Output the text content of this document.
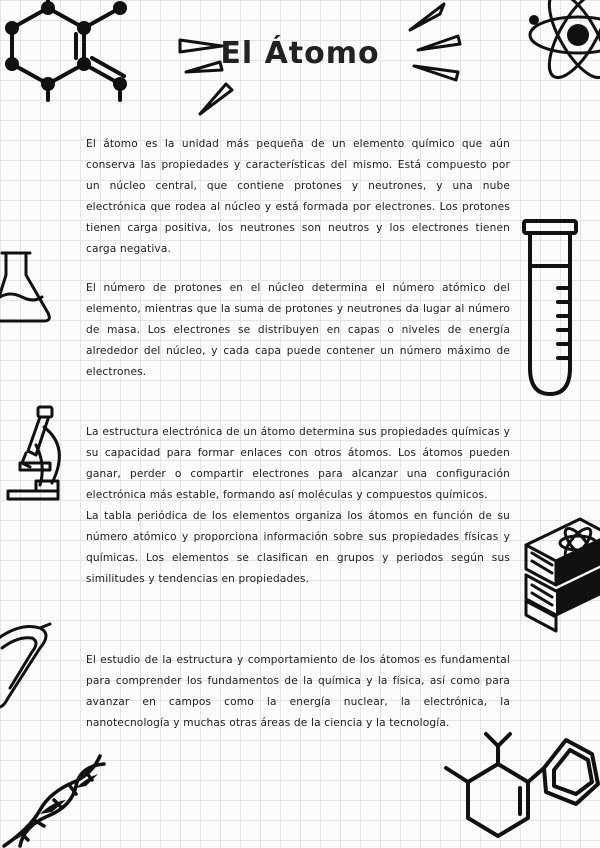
El Átomo

El átomo es la unidad más pequeña de un elemento químico que aún conserva las propiedades y características del mismo. Está compuesto por un núcleo central, que contiene protones y neutrones, y una nube electrónica que rodea al núcleo y está formada por electrones. Los protones tienen carga positiva, los neutrones son neutros y los electrones tienen carga negativa.

El número de protones en el núcleo determina el número atómico del elemento, mientras que la suma de protones y neutrones da lugar al número de masa. Los electrones se distribuyen en capas o niveles de energía alrededor del núcleo, y cada capa puede contener un número máximo de electrones.

La estructura electrónica de un átomo determina sus propiedades químicas y su capacidad para formar enlaces con otros átomos. Los átomos pueden ganar, perder o compartir electrones para alcanzar una configuración electrónica más estable, formando así moléculas y compuestos químicos.

La tabla periódica de los elementos organiza los átomos en función de su número atómico y proporciona información sobre sus propiedades físicas y químicas. Los elementos se clasifican en grupos y periodos según sus similitudes y tendencias en propiedades.

El estudio de la estructura y comportamiento de los átomos es fundamental para comprender los fundamentos de la química y la física, así como para avanzar en campos como la energía nuclear, la electrónica, la nanotecnología y muchas otras áreas de la ciencia y la tecnología.
